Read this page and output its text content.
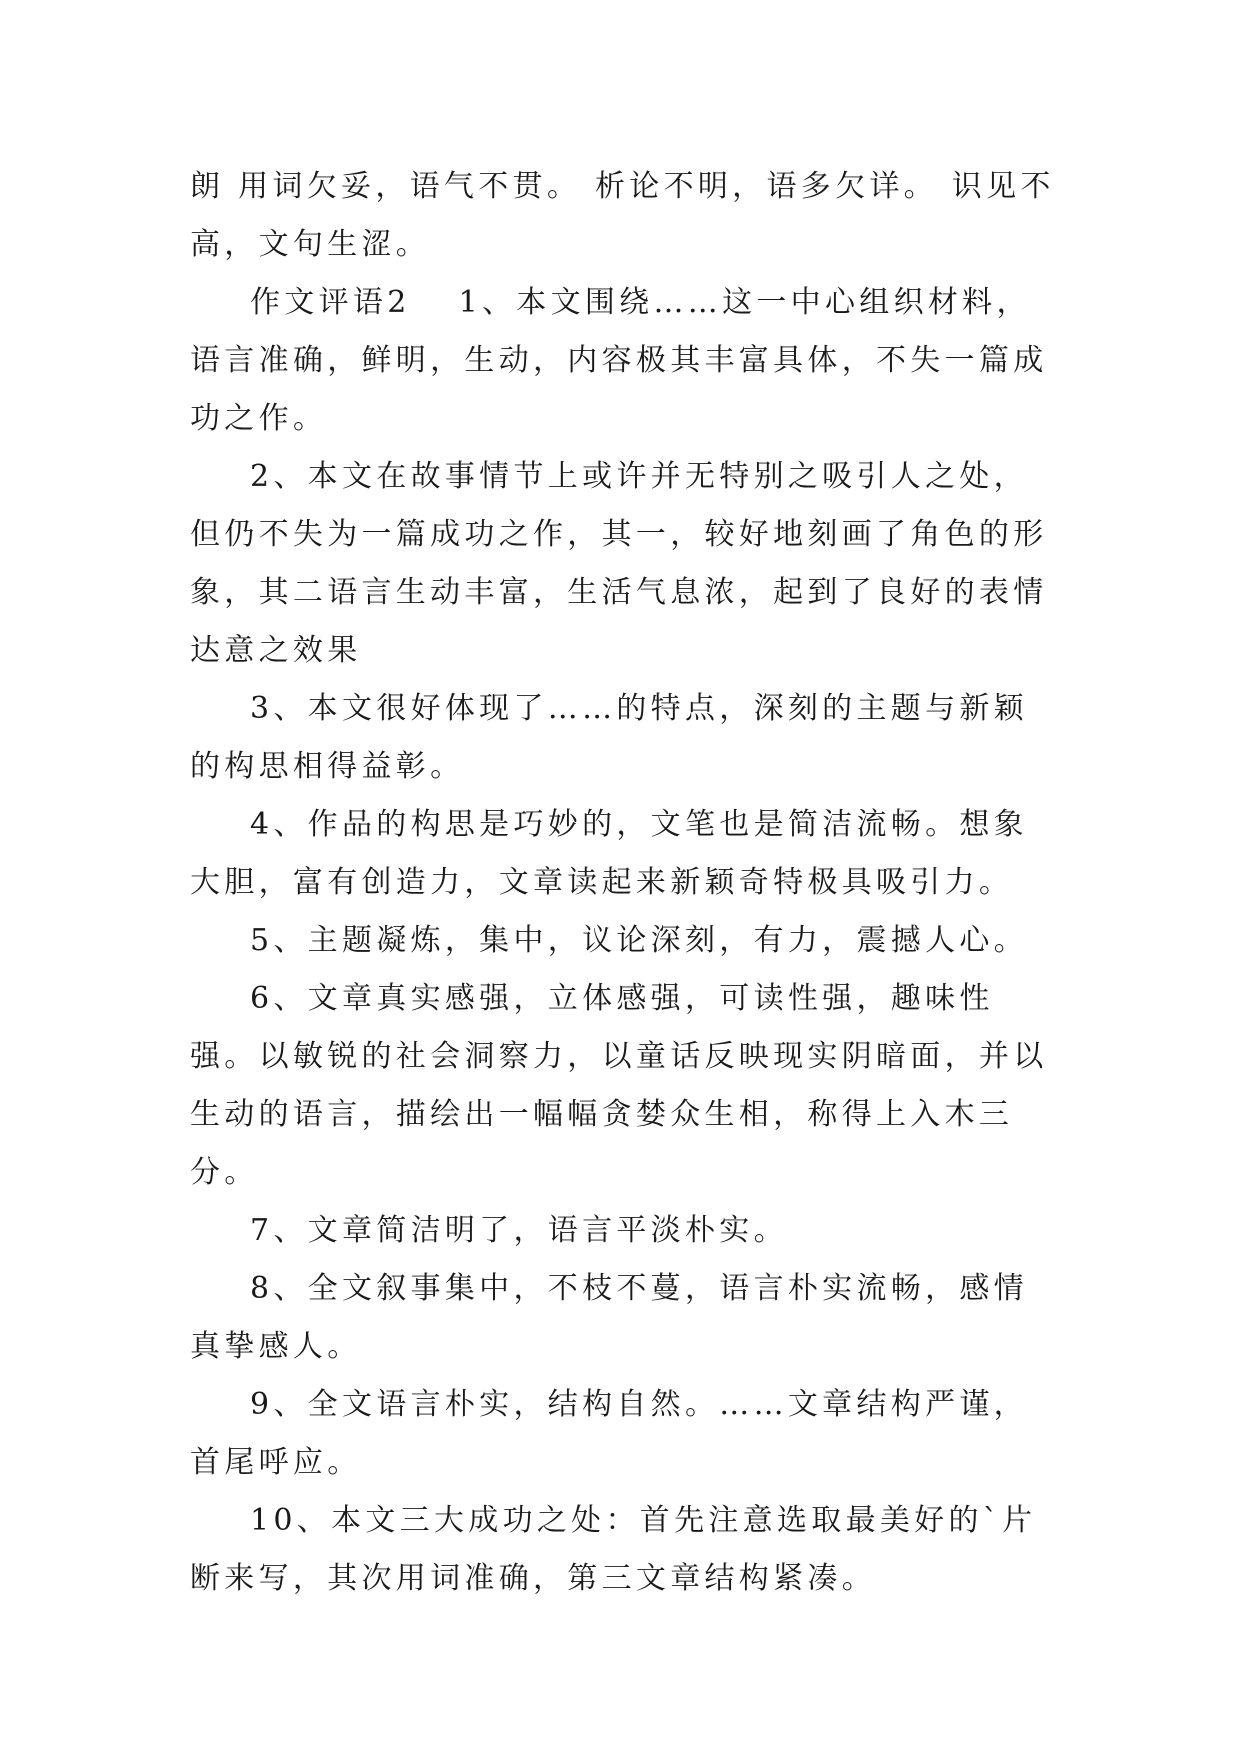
朗 用词欠妥，语气不贯。 析论不明，语多欠详。 识见不高，文句生涩。

作文评语2 1、本文围绕……这一中心组织材料，语言准确，鲜明，生动，内容极其丰富具体，不失一篇成功之作。

2、本文在故事情节上或许并无特别之吸引人之处，但仍不失为一篇成功之作，其一，较好地刻画了角色的形象，其二语言生动丰富，生活气息浓，起到了良好的表情达意之效果

3、本文很好体现了……的特点，深刻的主题与新颖的构思相得益彰。

4、作品的构思是巧妙的，文笔也是简洁流畅。想象大胆，富有创造力，文章读起来新颖奇特极具吸引力。

5、主题凝炼，集中，议论深刻，有力，震撼人心。

6、文章真实感强，立体感强，可读性强，趣味性强。以敏锐的社会洞察力，以童话反映现实阴暗面，并以生动的语言，描绘出一幅幅贪婪众生相，称得上入木三分。

7、文章简洁明了，语言平淡朴实。

8、全文叙事集中，不枝不蔓，语言朴实流畅，感情真挚感人。

9、全文语言朴实，结构自然。……文章结构严谨，首尾呼应。

10、本文三大成功之处：首先注意选取最美好的`片断来写，其次用词准确，第三文章结构紧凑。
